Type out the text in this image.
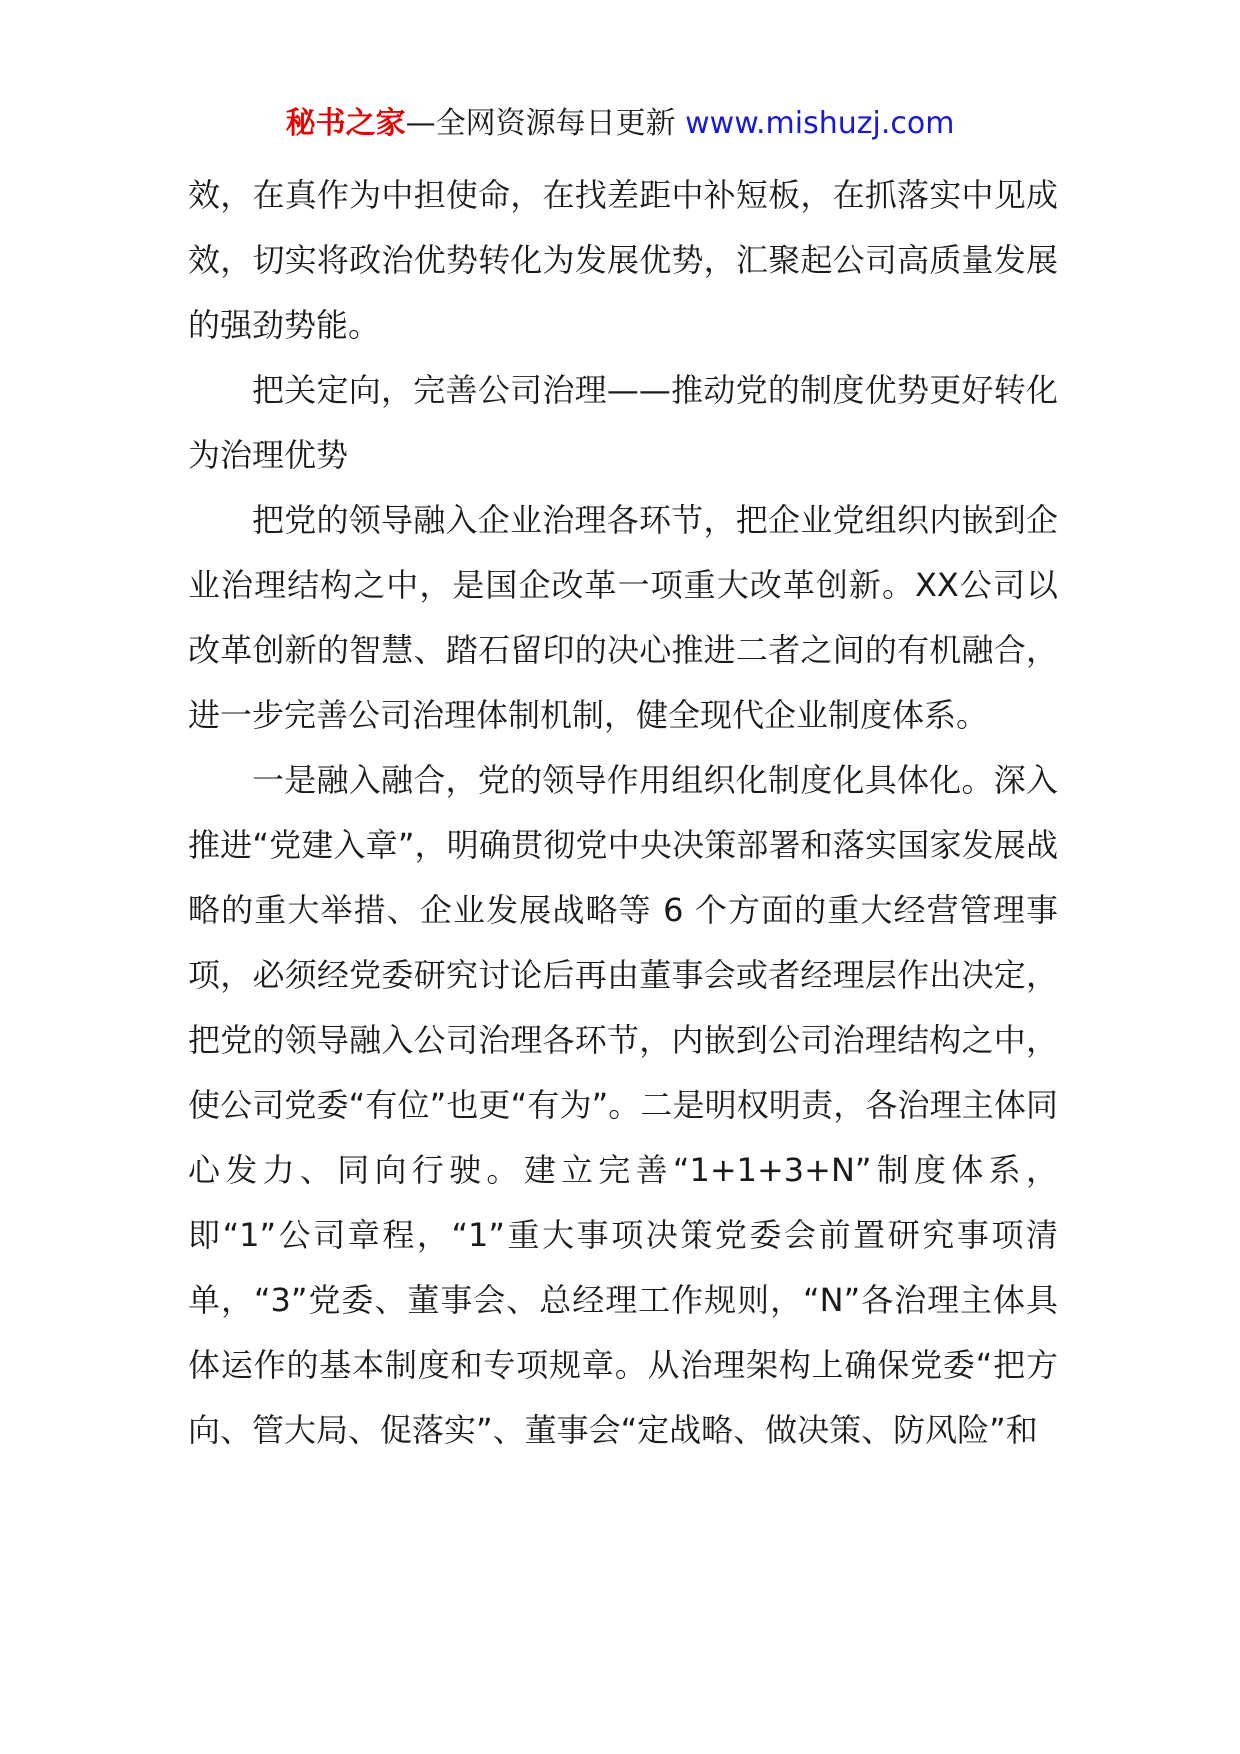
秘书之家—全网资源每日更新 www.mishuzj.com

效，在真作为中担使命，在找差距中补短板，在抓落实中见成效，切实将政治优势转化为发展优势，汇聚起公司高质量发展的强劲势能。

把关定向，完善公司治理——推动党的制度优势更好转化为治理优势

把党的领导融入企业治理各环节，把企业党组织内嵌到企业治理结构之中，是国企改革一项重大改革创新。XX公司以改革创新的智慧、踏石留印的决心推进二者之间的有机融合，进一步完善公司治理体制机制，健全现代企业制度体系。

一是融入融合，党的领导作用组织化制度化具体化。深入推进“党建入章”，明确贯彻党中央决策部署和落实国家发展战略的重大举措、企业发展战略等 6 个方面的重大经营管理事项，必须经党委研究讨论后再由董事会或者经理层作出决定，把党的领导融入公司治理各环节，内嵌到公司治理结构之中，使公司党委“有位”也更“有为”。二是明权明责，各治理主体同心发力、同向行驶。建立完善“1+1+3+N”制度体系，即“1”公司章程，“1”重大事项决策党委会前置研究事项清单，“3”党委、董事会、总经理工作规则，“N”各治理主体具体运作的基本制度和专项规章。从治理架构上确保党委“把方向、管大局、促落实”、董事会“定战略、做决策、防风险”和
